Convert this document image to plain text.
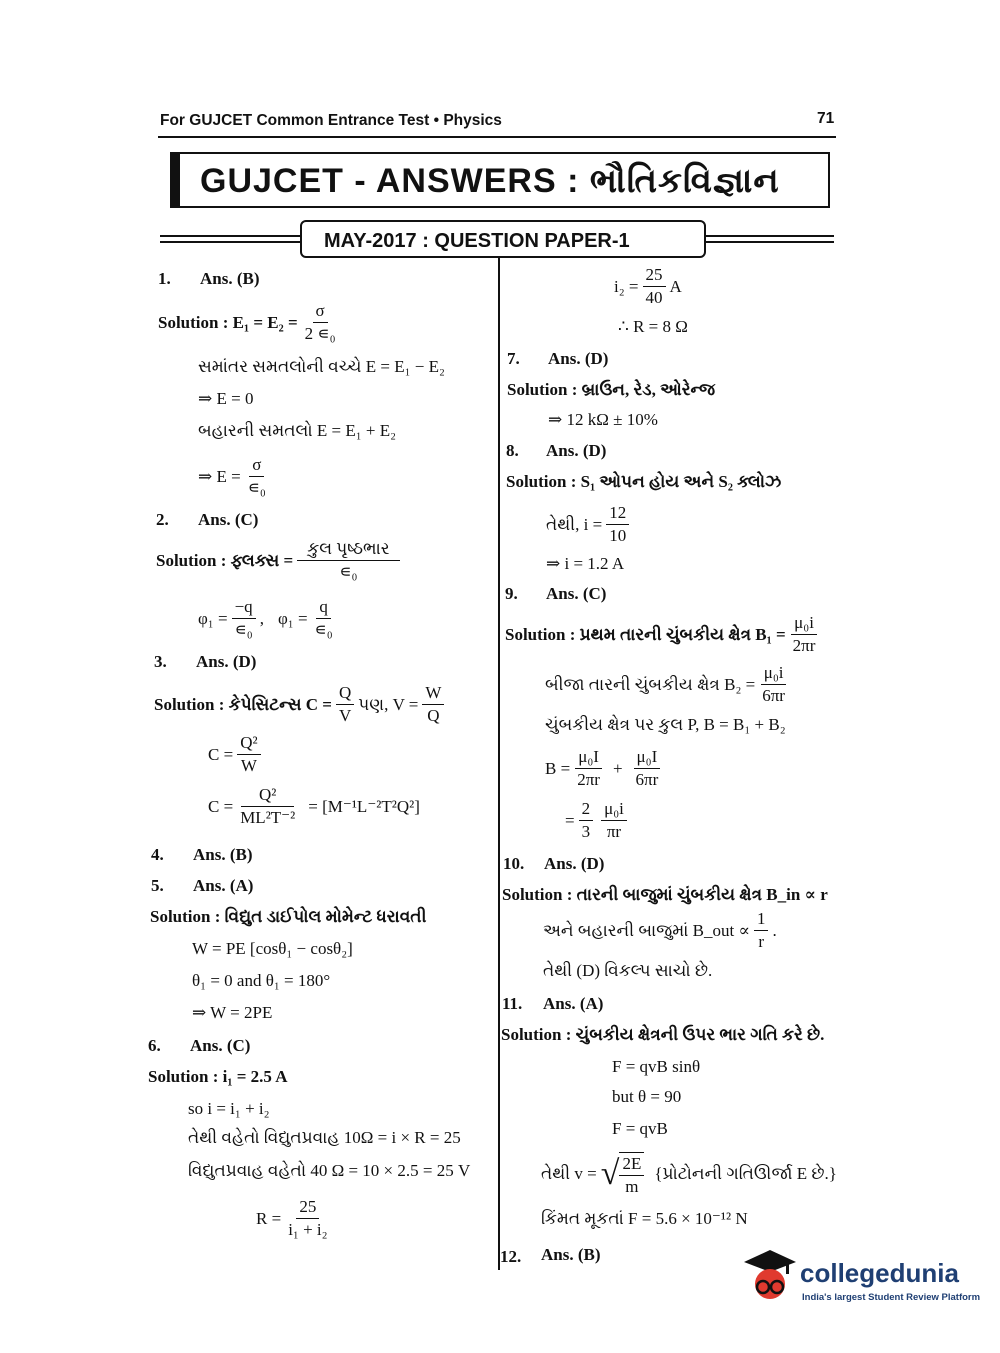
For GUJCET Common Entrance Test • Physics	71
GUJCET - ANSWERS : ભૌતિકવિજ્ઞાન
MAY-2017 : QUESTION PAPER-1
1. Ans. (B)
Solution : $E_1 = E_2 = \frac{\sigma}{\text{2 ∊₀}}$
સમાંતર સમતલોની વચ્ચે E = E₁ − E₂
⇒ E = 0
બહારની સમતલો E = E₁ + E₂
⇒ $E = \frac{\sigma}{\text{∊₀}}$
2. Ans. (C)
Solution : ફ્લક્સ = $\frac{\text{કુલ પૃષ્ઠભાર}}{\text{∊₀}}$
$\varphi_1 = \frac{-q}{\text{∊₀}}$ , $\varphi_1 = \frac{q}{\text{∊₀}}$
3. Ans. (D)
Solution : કેપેસિટન્સ $C = \frac{Q}{V}$ પણ, $V = \frac{W}{Q}$
$C = \frac{\text{Q²}}{W}$
$C = \frac{\text{Q²}}{\text{ML²T⁻²}} = [M^{-1}L^{-2}T^2Q^2]$
4. Ans. (B)
5. Ans. (A)
Solution : વિદ્યુત ડાઈપોલ મોમેન્ટ ધરાવતી
W = PE [cosθ₁ − cosθ₂]
θ₁ = 0 and θ₁ = 180°
⇒ W = 2PE
6. Ans. (C)
Solution : i₁ = 2.5 A
so i = i₁ + i₂
તેથી વહેતો વિદ્યુતપ્રવાહ 10Ω = i × R = 25
વિદ્યુતપ્રવાહ વહેતો 40 Ω = 10 × 2.5 = 25 V
$R = \frac{25}{\text{i₁ + i₂}}$
$i_2 = \frac{25}{40}$ A
∴ R = 8 Ω
7. Ans. (D)
Solution : બ્રાઉન, રેડ, ઓરેન્જ
⇒ 12 kΩ ± 10%
8. Ans. (D)
Solution : S₁ ઓપન હોય અને S₂ ક્લોઝ
તેથી, $i = \frac{12}{10}$
⇒ i = 1.2 A
9. Ans. (C)
Solution : પ્રથમ તારની ચુંબકીય ક્ષેત્ર $B_1 = \frac{\text{μ₀i}}{2\pi r}$
બીજા તારની ચુંબકીય ક્ષેત્ર $B_2 = \frac{\text{μ₀i}}{6\pi r}$
ચુંબકીય ક્ષેત્ર પર કુલ P, B = B₁ + B₂
$B = \frac{\text{μ₀I}}{2\pi r} + \frac{\text{μ₀I}}{6\pi r}$
= $\frac{2}{3} \frac{\text{μ₀i}}{\pi r}$
10. Ans. (D)
Solution : તારની બાજુમાં ચુંબકીય ક્ષેત્ર B_in ∝ r
અને બહારની બાજુમાં B_out ∝ $\frac{1}{r}$ .
તેથી (D) વિકલ્પ સાચો છે.
11. Ans. (A)
Solution : ચુંબકીય ક્ષેત્રની ઉપર ભાર ગતિ કરે છે.
F = qvB sinθ
but θ = 90
F = qvB
તેથી v = √ $\frac{2E}{m}$ {પ્રોટોનની ગતિઊર્જા E છે.}
કિંમત મૂકતાં F = 5.6 × 10⁻¹² N
12. Ans. (B)
collegedunia
India's largest Student Review Platform
